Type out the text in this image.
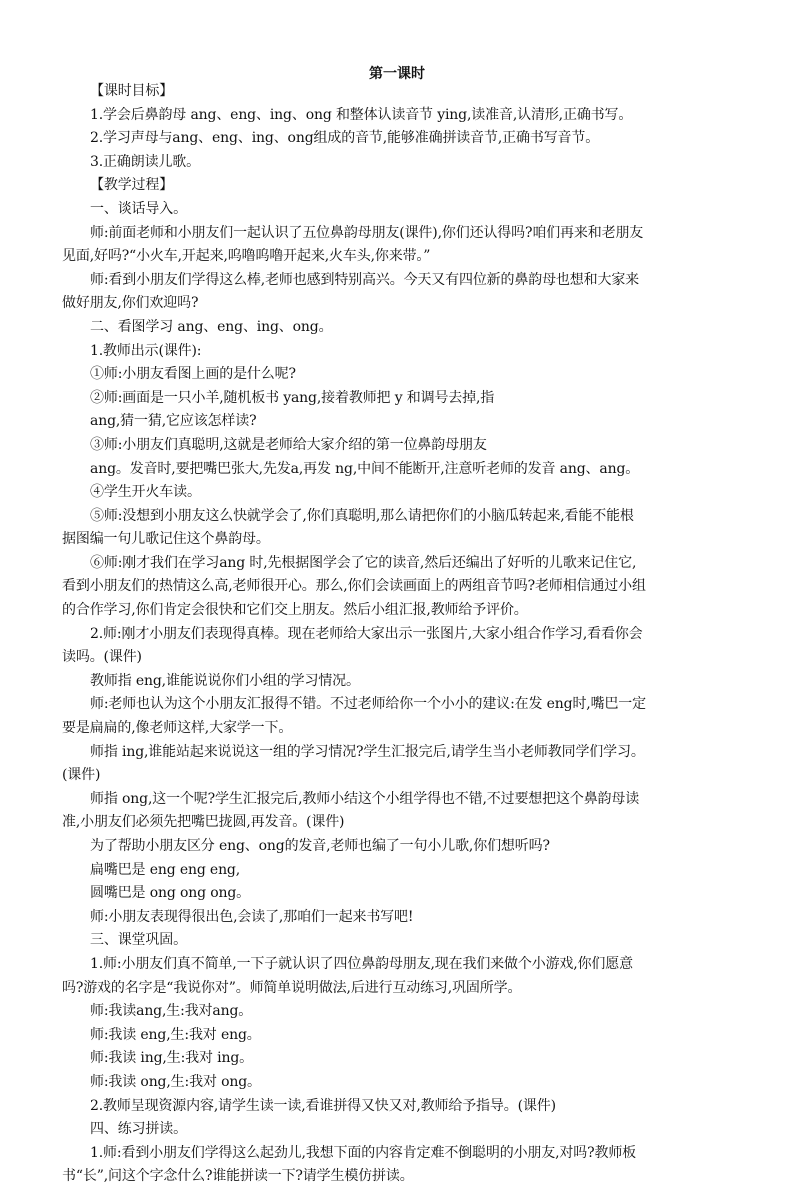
第一课时
【课时目标】
1.学会后鼻韵母 ang、eng、ing、ong 和整体认读音节 ying,读准音,认清形,正确书写。
2.学习声母与ang、eng、ing、ong组成的音节,能够准确拼读音节,正确书写音节。
3.正确朗读儿歌。
【教学过程】
一、谈话导入。
师:前面老师和小朋友们一起认识了五位鼻韵母朋友(课件),你们还认得吗?咱们再来和老朋友
见面,好吗?“小火车,开起来,呜噜呜噜开起来,火车头,你来带。”
师:看到小朋友们学得这么棒,老师也感到特别高兴。今天又有四位新的鼻韵母也想和大家来
做好朋友,你们欢迎吗?
二、看图学习 ang、eng、ing、ong。
1.教师出示(课件):
①师:小朋友看图上画的是什么呢?
②师:画面是一只小羊,随机板书 yang,接着教师把 y 和调号去掉,指
ang,猜一猜,它应该怎样读?
③师:小朋友们真聪明,这就是老师给大家介绍的第一位鼻韵母朋友
ang。发音时,要把嘴巴张大,先发a,再发 ng,中间不能断开,注意听老师的发音 ang、ang。
④学生开火车读。
⑤师:没想到小朋友这么快就学会了,你们真聪明,那么请把你们的小脑瓜转起来,看能不能根
据图编一句儿歌记住这个鼻韵母。
⑥师:刚才我们在学习ang 时,先根据图学会了它的读音,然后还编出了好听的儿歌来记住它,
看到小朋友们的热情这么高,老师很开心。那么,你们会读画面上的两组音节吗?老师相信通过小组
的合作学习,你们肯定会很快和它们交上朋友。然后小组汇报,教师给予评价。
2.师:刚才小朋友们表现得真棒。现在老师给大家出示一张图片,大家小组合作学习,看看你会
读吗。(课件)
教师指 eng,谁能说说你们小组的学习情况。
师:老师也认为这个小朋友汇报得不错。不过老师给你一个小小的建议:在发 eng时,嘴巴一定
要是扁扁的,像老师这样,大家学一下。
师指 ing,谁能站起来说说这一组的学习情况?学生汇报完后,请学生当小老师教同学们学习。
(课件)
师指 ong,这一个呢?学生汇报完后,教师小结这个小组学得也不错,不过要想把这个鼻韵母读
准,小朋友们必须先把嘴巴拢圆,再发音。(课件)
为了帮助小朋友区分 eng、ong的发音,老师也编了一句小儿歌,你们想听吗?
扁嘴巴是 eng eng eng,
圆嘴巴是 ong ong ong。
师:小朋友表现得很出色,会读了,那咱们一起来书写吧!
三、课堂巩固。
1.师:小朋友们真不简单,一下子就认识了四位鼻韵母朋友,现在我们来做个小游戏,你们愿意
吗?游戏的名字是“我说你对”。师简单说明做法,后进行互动练习,巩固所学。
师:我读ang,生:我对ang。
师:我读 eng,生:我对 eng。
师:我读 ing,生:我对 ing。
师:我读 ong,生:我对 ong。
2.教师呈现资源内容,请学生读一读,看谁拼得又快又对,教师给予指导。(课件)
四、练习拼读。
1.师:看到小朋友们学得这么起劲儿,我想下面的内容肯定难不倒聪明的小朋友,对吗?教师板
书“长”,问这个字念什么?谁能拼读一下?请学生模仿拼读。
